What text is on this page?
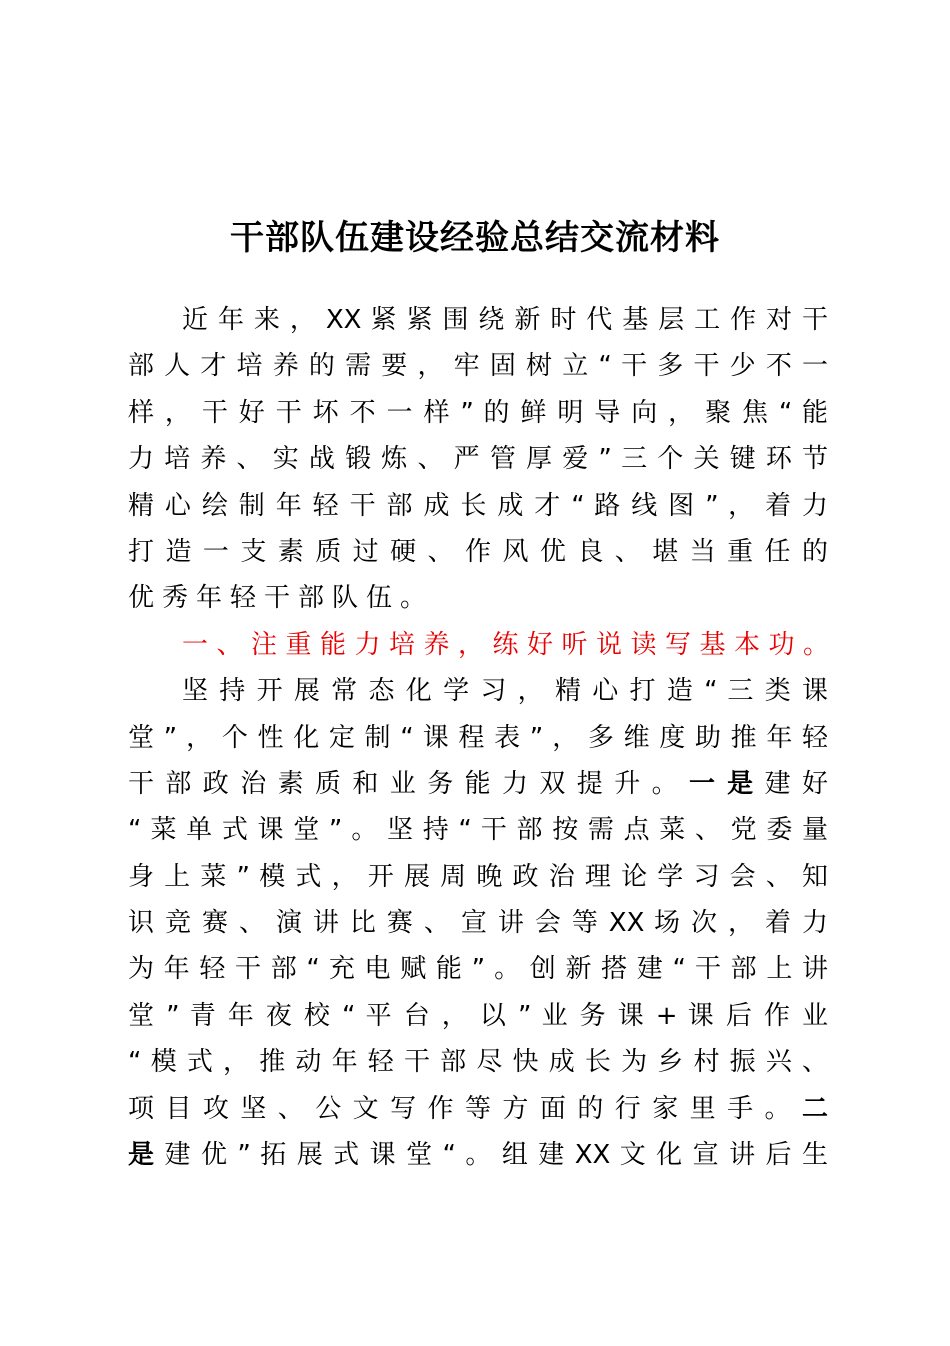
干部队伍建设经验总结交流材料
近 年 来 ， XX 紧 紧 围 绕 新 时 代 基 层 工 作 对 干
部 人 才 培 养 的 需 要 ， 牢 固 树 立 “ 干 多 干 少 不 一
样 ， 干 好 干 坏 不 一 样 ” 的 鲜 明 导 向 ， 聚 焦 “ 能
力 培 养 、 实 战 锻 炼 、 严 管 厚 爱 ” 三 个 关 键 环 节
精 心 绘 制 年 轻 干 部 成 长 成 才 “ 路 线 图 ” ， 着 力
打 造 一 支 素 质 过 硬 、 作 风 优 良 、 堪 当 重 任 的
优秀年轻干部队伍。
一、注重能力培养，练好听说读写基本功。
坚 持 开 展 常 态 化 学 习 ， 精 心 打 造 “ 三 类 课
堂 ” ， 个 性 化 定 制 “ 课 程 表 ” ， 多 维 度 助 推 年 轻
干 部 政 治 素 质 和 业 务 能 力 双 提 升 。 一 是 建 好
“ 菜 单 式 课 堂 ” 。 坚 持 “ 干 部 按 需 点 菜 、 党 委 量
身 上 菜 ” 模 式 ， 开 展 周 晚 政 治 理 论 学 习 会 、 知
识 竞 赛 、 演 讲 比 赛 、 宣 讲 会 等 XX 场 次 ， 着 力
为 年 轻 干 部 “ 充 电 赋 能 ” 。 创 新 搭 建 “ 干 部 上 讲
堂 ” 青 年 夜 校 “ 平 台 ， 以 ” 业 务 课 + 课 后 作 业
“ 模 式 ， 推 动 年 轻 干 部 尽 快 成 长 为 乡 村 振 兴 、
项 目 攻 坚 、 公 文 写 作 等 方 面 的 行 家 里 手 。 二
是 建 优 ” 拓 展 式 课 堂 “ 。 组 建 XX 文 化 宣 讲 后 生
